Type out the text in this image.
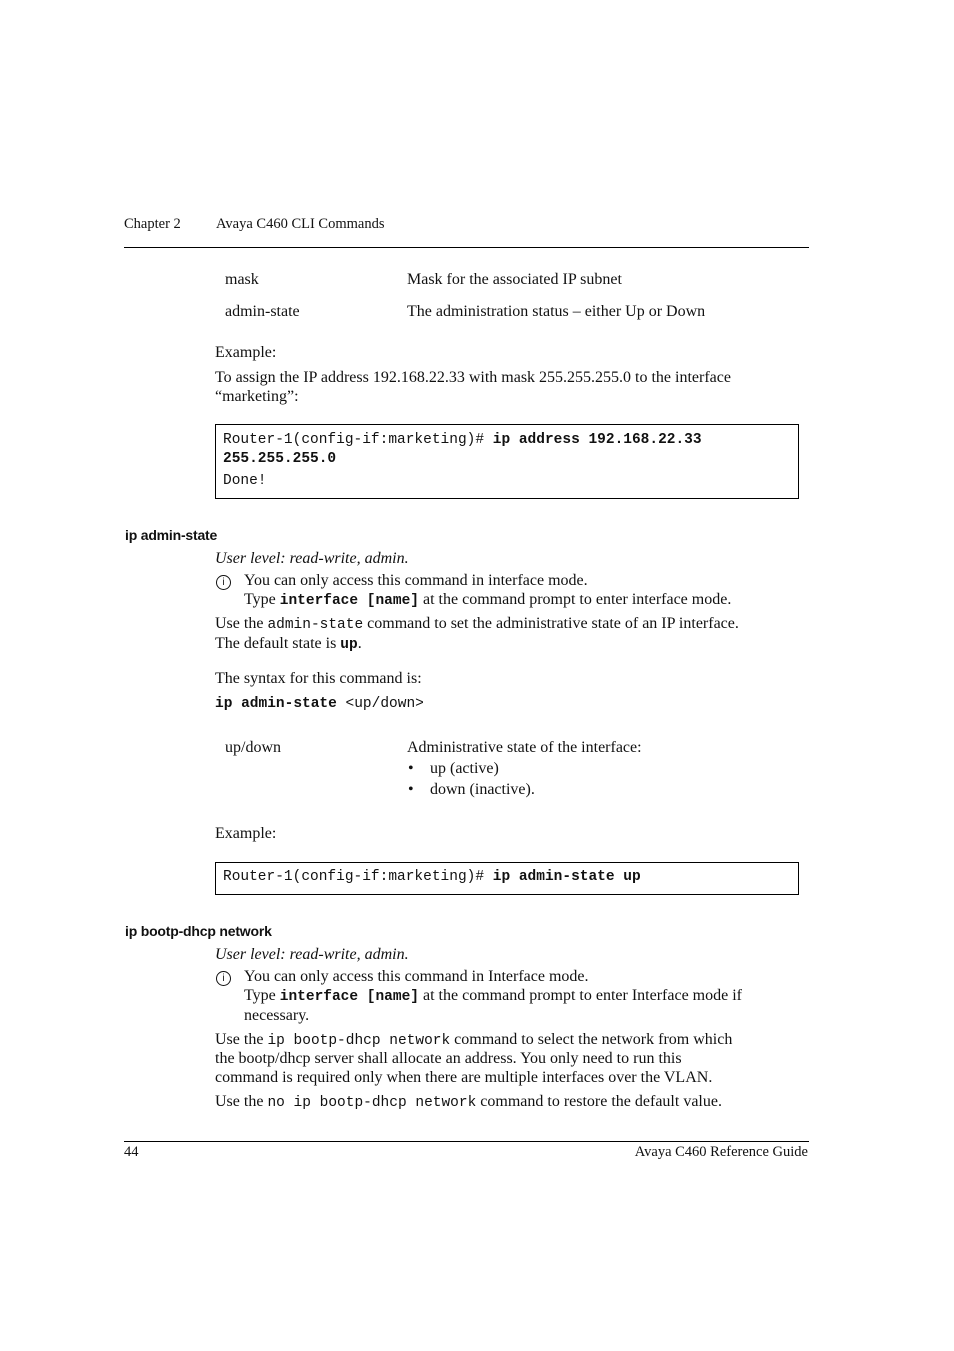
Chapter 2 Avaya C460 CLI Commands
mask	Mask for the associated IP subnet
admin-state	The administration status – either Up or Down
Example:
To assign the IP address 192.168.22.33 with mask 255.255.255.0 to the interface
“marketing”:
Router-1(config-if:marketing)# ip address 192.168.22.33
255.255.255.0
Done!
ip admin-state
User level: read-write, admin.
i	You can only access this command in interface mode.
Type interface [name] at the command prompt to enter interface mode.
Use the admin-state command to set the administrative state of an IP interface.
The default state is up.
The syntax for this command is:
ip admin-state <up/down>
up/down	Administrative state of the interface:
• up (active)
• down (inactive).
Example:
Router-1(config-if:marketing)# ip admin-state up
ip bootp-dhcp network
User level: read-write, admin.
i	You can only access this command in Interface mode.
Type interface [name] at the command prompt to enter Interface mode if
necessary.
Use the ip bootp-dhcp network command to select the network from which
the bootp/dhcp server shall allocate an address. You only need to run this
command is required only when there are multiple interfaces over the VLAN.
Use the no ip bootp-dhcp network command to restore the default value.
44	Avaya C460 Reference Guide
